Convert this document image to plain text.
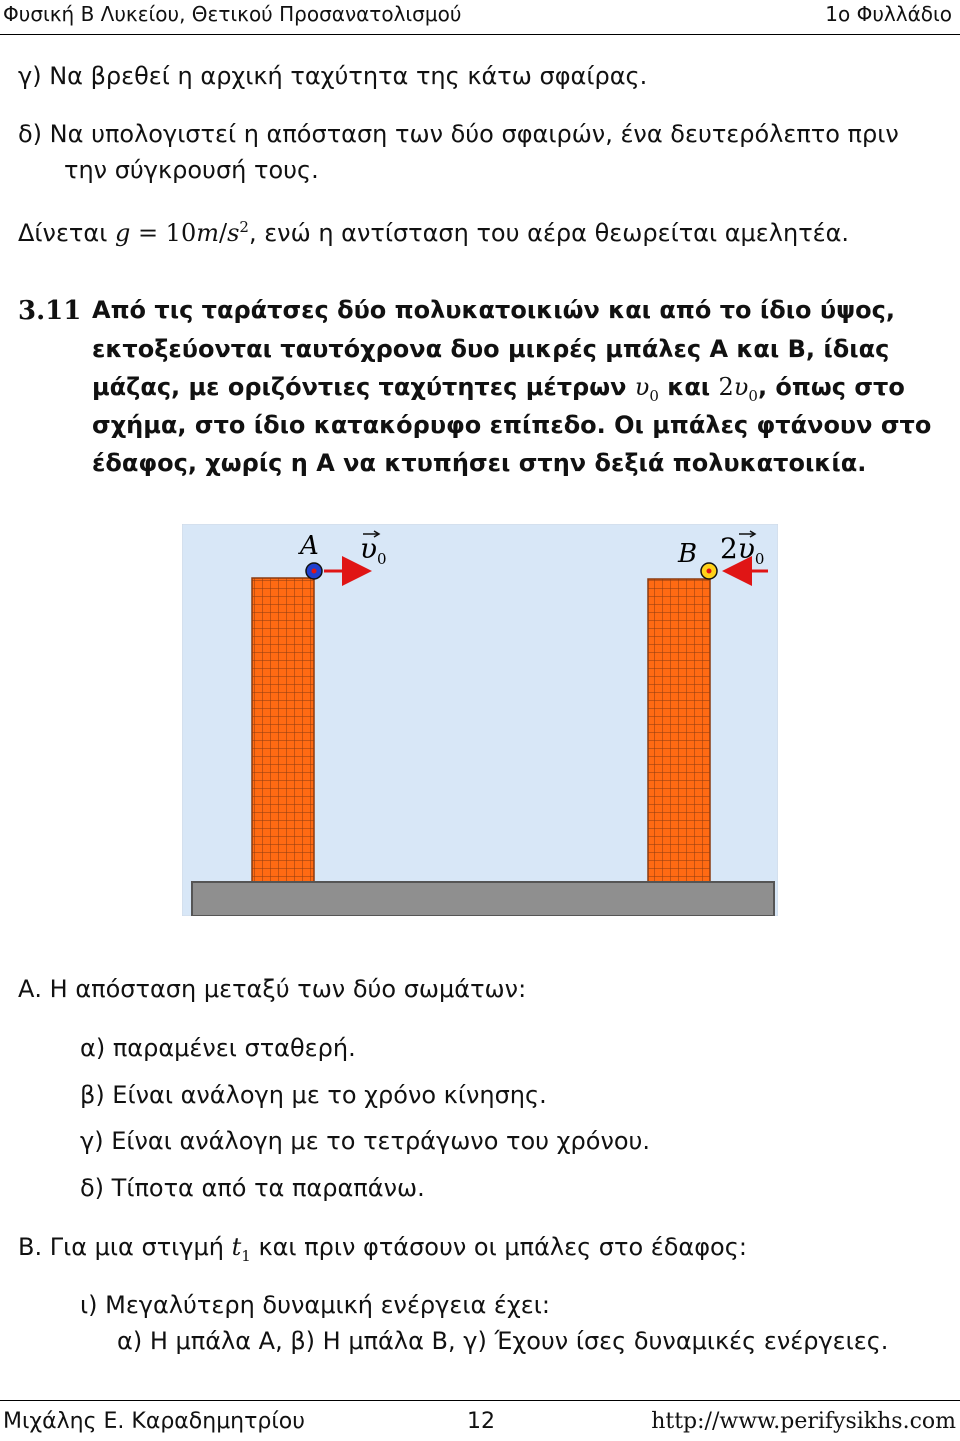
Φυσική Β Λυκείου, Θετικού Προσανατολισμού	1ο Φυλλάδιο
γ) Να βρεθεί η αρχική ταχύτητα της κάτω σφαίρας.
δ) Να υπολογιστεί η απόσταση των δύο σφαιρών, ένα δευτερόλεπτο πριν
την σύγκρουσή τους.
Δίνεται $g = 10m/s^2$, ενώ η αντίσταση του αέρα θεωρείται αμελητέα.
3.11 Από τις ταράτσες δύο πολυκατοικιών και από το ίδιο ύψος,
εκτοξεύονται ταυτόχρονα δυο μικρές μπάλες Α και Β, ίδιας
μάζας, με οριζόντιες ταχύτητες μέτρων $\upsilon_0$ και $2\upsilon_0$, όπως στο
σχήμα, στο ίδιο κατακόρυφο επίπεδο. Οι μπάλες φτάνουν στο
έδαφος, χωρίς η Α να κτυπήσει στην δεξιά πολυκατοικία.
A $\upsilon_0$	B $2\upsilon_0$
Α. Η απόσταση μεταξύ των δύο σωμάτων:
α) παραμένει σταθερή.
β) Είναι ανάλογη με το χρόνο κίνησης.
γ) Είναι ανάλογη με το τετράγωνο του χρόνου.
δ) Τίποτα από τα παραπάνω.
Β. Για μια στιγμή $t_1$ και πριν φτάσουν οι μπάλες στο έδαφος:
ι) Μεγαλύτερη δυναμική ενέργεια έχει:
α) Η μπάλα Α, β) Η μπάλα Β, γ) Έχουν ίσες δυναμικές ενέργειες.
Μιχάλης Ε. Καραδημητρίου	12	http://www.perifysikhs.com
